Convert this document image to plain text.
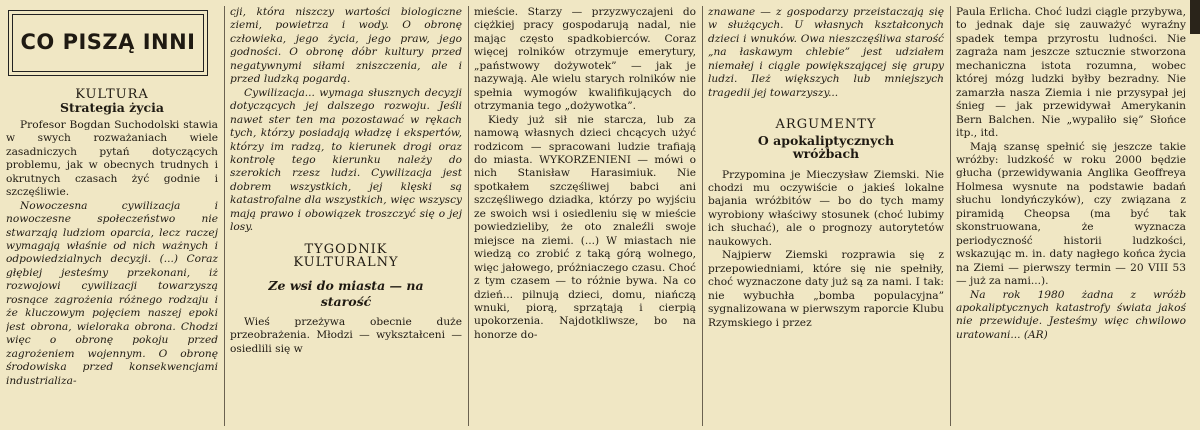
CO PISZĄ INNI
KULTURA
Strategia życia

Profesor Bogdan Suchodolski stawia w swych rozważaniach wiele zasadniczych pytań dotyczących problemu, jak w obecnych trudnych i okrutnych czasach żyć godnie i szczęśliwie.

Nowoczesna cywilizacja i nowoczesne społeczeństwo nie stwarzają ludziom oparcia, lecz raczej wymagają właśnie od nich ważnych i odpowiedzialnych decyzji. (...) Coraz głębiej jesteśmy przekonani, iż rozwojowi cywilizacji towarzyszą rosnące zagrożenia różnego rodzaju i że kluczowym pojęciem naszej epoki jest obrona, wieloraka obrona. Chodzi więc o obronę pokoju przed zagrożeniem wojennym. O obronę środowiska przed konsekwencjami industrializa-

cji, która niszczy wartości biologiczne ziemi, powietrza i wody. O obronę człowieka, jego życia, jego praw, jego godności. O obronę dóbr kultury przed negatywnymi siłami zniszczenia, ale i przed ludzką pogardą.

Cywilizacja... wymaga słusznych decyzji dotyczących jej dalszego rozwoju. Jeśli nawet ster ten ma pozostawać w rękach tych, którzy posiadają władzę i ekspertów, którzy im radzą, to kierunek drogi oraz kontrolę tego kierunku należy do szerokich rzesz ludzi. Cywilizacja jest dobrem wszystkich, jej klęski są katastrofalne dla wszystkich, więc wszyscy mają prawo i obowiązek troszczyć się o jej losy.

TYGODNIK
KULTURALNY
Ze wsi do miasta — na starość

Wieś przeżywa obecnie duże przeobrażenia. Młodzi — wykształceni — osiedlili się w

mieście. Starzy — przyzwyczajeni do ciężkiej pracy gospodarują nadal, nie mając często spadkobierców. Coraz więcej rolników otrzymuje emerytury, „państwowy dożywotek” — jak je nazywają. Ale wielu starych rolników nie spełnia wymogów kwalifikujących do otrzymania tego „dożywotka”.

Kiedy już sił nie starcza, lub za namową własnych dzieci chcących użyć rodzicom — spracowani ludzie trafiają do miasta. WYKORZENIENI — mówi o nich Stanisław Harasimiuk. Nie spotkałem szczęśliwej babci ani szczęśliwego dziadka, którzy po wyjściu ze swoich wsi i osiedleniu się w mieście powiedzieliby, że oto znaleźli swoje miejsce na ziemi. (...) W miastach nie wiedzą co zrobić z taką górą wolnego, więc jałowego, próżniaczego czasu. Choć z tym czasem — to różnie bywa. Na co dzień... pilnują dzieci, domu, niańczą wnuki, piorą, sprzątają i cierpią upokorzenia. Najdotkliwsze, bo na honorze do-

znawane — z gospodarzy przeistaczają się w służących. U własnych kształconych dzieci i wnuków. Owa nieszczęśliwa starość „na łaskawym chlebie” jest udziałem niemałej i ciągle powiększającej się grupy ludzi. Ileż większych lub mniejszych tragedii jej towarzyszy...

ARGUMENTY
O apokaliptycznych wróżbach

Przypomina je Mieczysław Ziemski. Nie chodzi mu oczywiście o jakieś lokalne bajania wróżbitów — bo do tych mamy wyrobiony właściwy stosunek (choć lubimy ich słuchać), ale o prognozy autorytetów naukowych.

Najpierw Ziemski rozprawia się z przepowiedniami, które się nie spełniły, choć wyznaczone daty już są za nami. I tak: nie wybuchła „bomba populacyjna” sygnalizowana w pierwszym raporcie Klubu Rzymskiego i przez

Paula Erlicha. Choć ludzi ciągle przybywa, to jednak daje się zauważyć wyraźny spadek tempa przyrostu ludności. Nie zagraża nam jeszcze sztucznie stworzona mechaniczna istota rozumna, wobec której mózg ludzki byłby bezradny. Nie zamarzła nasza Ziemia i nie przysypał jej śnieg — jak przewidywał Amerykanin Bern Balchen. Nie „wypaliło się” Słońce itp., itd.

Mają szansę spełnić się jeszcze takie wróżby: ludzkość w roku 2000 będzie głucha (przewidywania Anglika Geoffreya Holmesa wysnute na podstawie badań słuchu londyńczyków), czy związana z piramidą Cheopsa (ma być tak skonstruowana, że wyznacza periodyczność historii ludzkości, wskazując m. in. daty nagłego końca życia na Ziemi — pierwszy termin — 20 VIII 53 — już za nami...).

Na rok 1980 żadna z wróżb apokaliptycznych katastrofy świata jakoś nie przewiduje. Jesteśmy więc chwilowo uratowani... (AR)
